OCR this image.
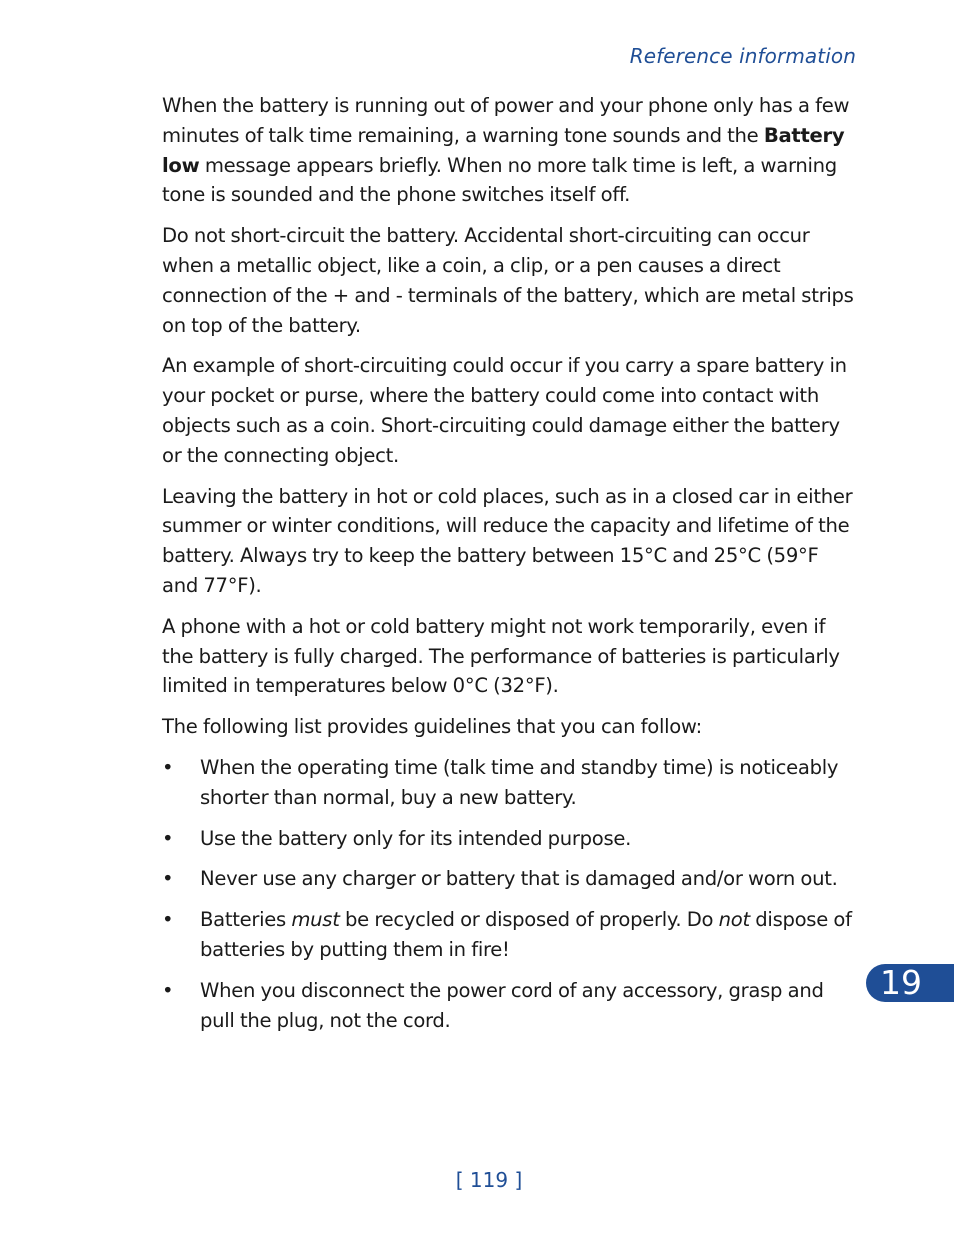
Reference information

When the battery is running out of power and your phone only has a few minutes of talk time remaining, a warning tone sounds and the Battery low message appears briefly. When no more talk time is left, a warning tone is sounded and the phone switches itself off.

Do not short-circuit the battery. Accidental short-circuiting can occur when a metallic object, like a coin, a clip, or a pen causes a direct connection of the + and - terminals of the battery, which are metal strips on top of the battery.

An example of short-circuiting could occur if you carry a spare battery in your pocket or purse, where the battery could come into contact with objects such as a coin. Short-circuiting could damage either the battery or the connecting object.

Leaving the battery in hot or cold places, such as in a closed car in either summer or winter conditions, will reduce the capacity and lifetime of the battery. Always try to keep the battery between 15°C and 25°C (59°F and 77°F).

A phone with a hot or cold battery might not work temporarily, even if the battery is fully charged. The performance of batteries is particularly limited in temperatures below 0°C (32°F).

The following list provides guidelines that you can follow:

• When the operating time (talk time and standby time) is noticeably shorter than normal, buy a new battery.
• Use the battery only for its intended purpose.
• Never use any charger or battery that is damaged and/or worn out.
• Batteries must be recycled or disposed of properly. Do not dispose of batteries by putting them in fire!
• When you disconnect the power cord of any accessory, grasp and pull the plug, not the cord.
19
[ 119 ]
